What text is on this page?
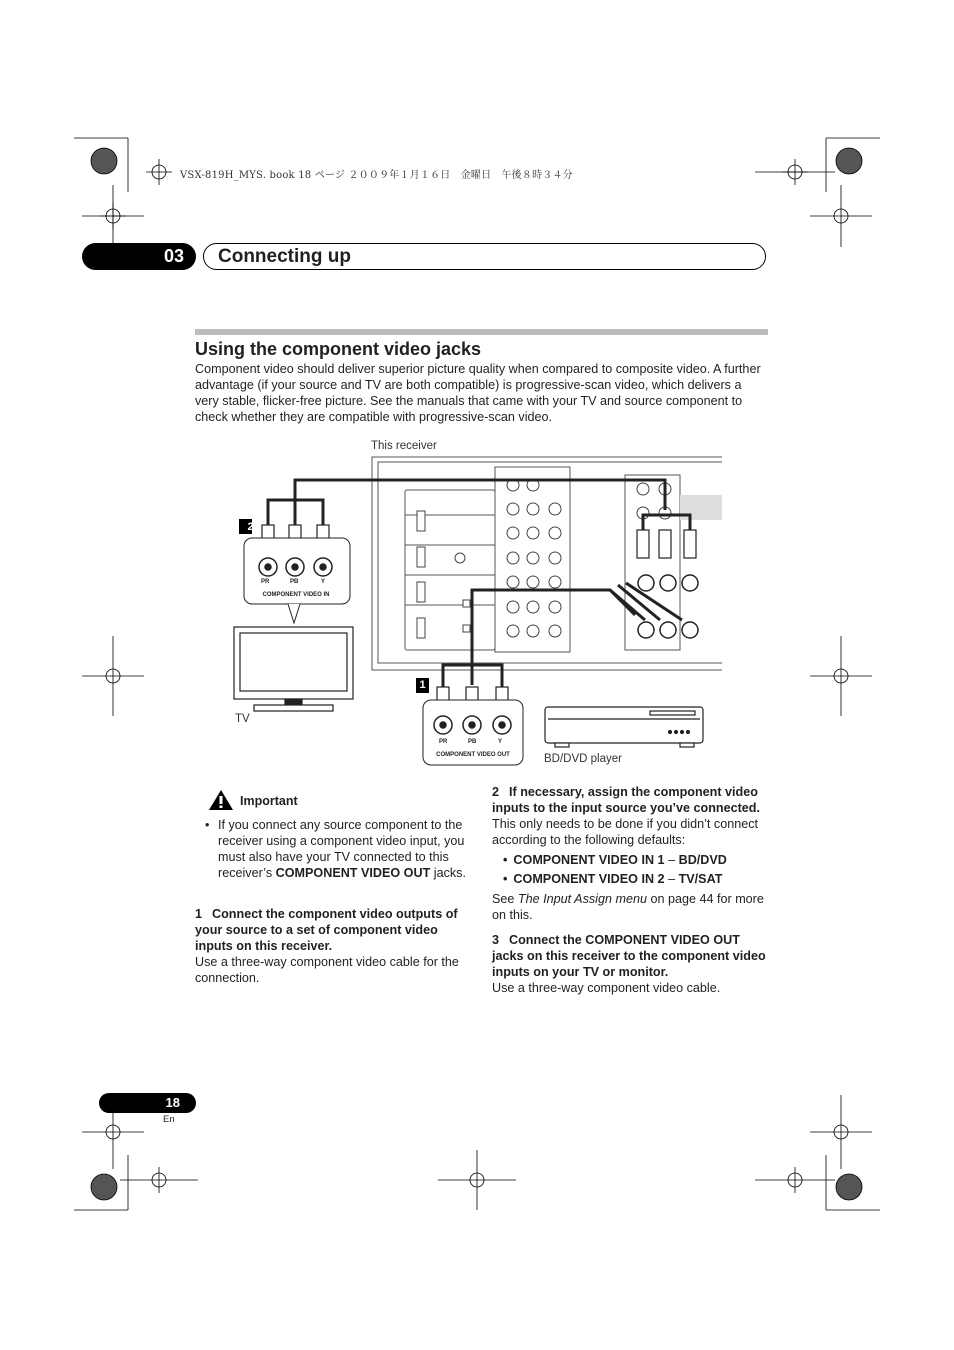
VSX-819H_MYS. book 18 ページ ２００９年１月１６日　金曜日　午後８時３４分
03	Connecting up
Using the component video jacks
Component video should deliver superior picture quality when compared to composite video. A further advantage (if your source and TV are both compatible) is progressive-scan video, which delivers a very stable, flicker-free picture. See the manuals that came with your TV and source component to check whether they are compatible with progressive-scan video.
This receiver
TV
BD/DVD player
2
1
PR	PB	Y
COMPONENT VIDEO IN
PR	PB	Y
COMPONENT VIDEO OUT
Important
• If you connect any source component to the receiver using a component video input, you must also have your TV connected to this receiver’s COMPONENT VIDEO OUT jacks.
1 Connect the component video outputs of your source to a set of component video inputs on this receiver.
Use a three-way component video cable for the connection.
2 If necessary, assign the component video inputs to the input source you’ve connected.
This only needs to be done if you didn’t connect according to the following defaults:
• COMPONENT VIDEO IN 1 – BD/DVD
• COMPONENT VIDEO IN 2 – TV/SAT
See The Input Assign menu on page 44 for more on this.
3 Connect the COMPONENT VIDEO OUT jacks on this receiver to the component video inputs on your TV or monitor.
Use a three-way component video cable.
18
En
